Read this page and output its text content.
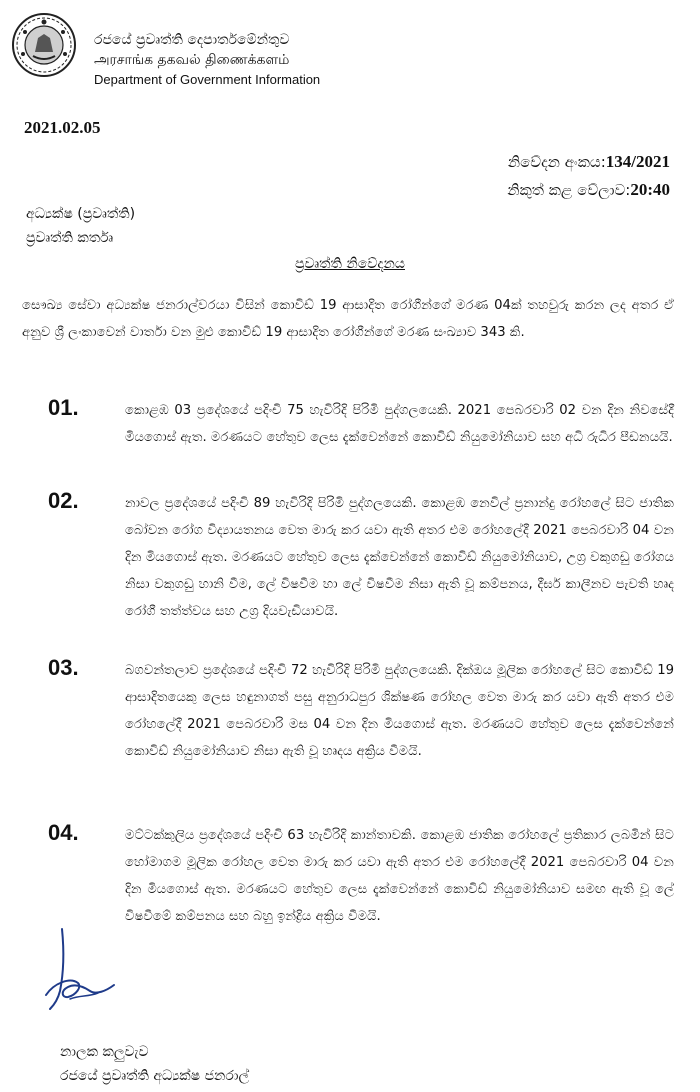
රජයේ ප්‍රවෘත්ති දෙපාර්තමේන්තුව
அரசாங்க தகவல் திணைக்களம்
Department of Government Information
2021.02.05
නිවේදන අංකය:134/2021
නිකුත් කළ වේලාව:20:40
අධ්‍යක්ෂ (ප්‍රවෘත්ති)
ප්‍රවෘත්ති කර්තෘ
ප්‍රවෘත්ති නිවේදනය
සෞඛ්‍ය සේවා අධ්‍යක්ෂ ජනරාල්වරයා විසින් කොවිඩ් 19 ආසාදිත රෝගීන්ගේ මරණ 04ක් තහවුරු කරන ලද අතර ඒ අනුව ශ්‍රී ලංකාවෙන් වාර්තා වන මුළු කොවිඩ් 19 ආසාදිත රෝගීන්ගේ මරණ සංඛ්‍යාව 343 කි.
01.	කොළඹ 03 ප්‍රදේශයේ පදිංචි 75 හැවිරිදි පිරිමි පුද්ගලයෙකි. 2021 පෙබරවාරි 02 වන දින නිවසේදී මියගොස් ඇත. මරණයට හේතුව ලෙස දැක්වෙන්නේ කොවිඩ් නියුමෝනියාව සහ අධි රුධිර පීඩනයයි.
02.	නාවල ප්‍රදේශයේ පදිංචි 89 හැවිරිදි පිරිමි පුද්ගලයෙකි. කොළඹ නෙවිල් ප්‍රනාන්දු රෝහලේ සිට ජාතික බෝවන රෝග විද්‍යායතනය වෙත මාරු කර යවා ඇති අතර එම රෝහලේදී 2021 පෙබරවාරි 04 වන දින මියගොස් ඇත. මරණයට හේතුව ලෙස දැක්වෙන්නේ කොවිඩ් නියුමෝනියාව, උග්‍ර වකුගඩු රෝගය නිසා වකුගඩු හානි වීම, ලේ විෂවීම හා ලේ විෂවීම නිසා ඇති වූ කම්පනය, දීර්ඝ කාලීනව පැවති හෘද රෝගී තත්ත්වය සහ උග්‍ර දියවැඩියාවයි.
03.	බගවන්තලාව ප්‍රදේශයේ පදිංචි 72 හැවිරිදි පිරිමි පුද්ගලයෙකි. දික්ඔය මූලික රෝහලේ සිට කොවිඩ් 19 ආසාදිතයෙකු ලෙස හඳුනාගත් පසු අනුරාධපුර ශික්ෂණ රෝහල වෙත මාරු කර යවා ඇති අතර එම රෝහලේදී 2021 පෙබරවාරි මස 04 වන දින මියගොස් ඇත. මරණයට හේතුව ලෙස දැක්වෙන්නේ කොවිඩ් නියුමෝනියාව නිසා ඇති වූ හෘදය අක්‍රිය වීමයි.
04.	මට්ටක්කුලිය ප්‍රදේශයේ පදිංචි 63 හැවිරිදි කාන්තාවකි. කොළඹ ජාතික රෝහලේ ප්‍රතිකාර ලබමින් සිට හෝමාගම මූලික රෝහල වෙත මාරු කර යවා ඇති අතර එම රෝහලේදී 2021 පෙබරවාරි 04 වන දින මියගොස් ඇත. මරණයට හේතුව ලෙස දැක්වෙන්නේ කොවිඩ් නියුමෝනියාව සමඟ ඇති වූ ලේ විෂවීමේ කම්පනය සහ බහු ඉන්ද්‍රිය අක්‍රිය වීමයි.
නාලක කලුවැව
රජයේ ප්‍රවෘත්ති අධ්‍යක්ෂ ජනරාල්
